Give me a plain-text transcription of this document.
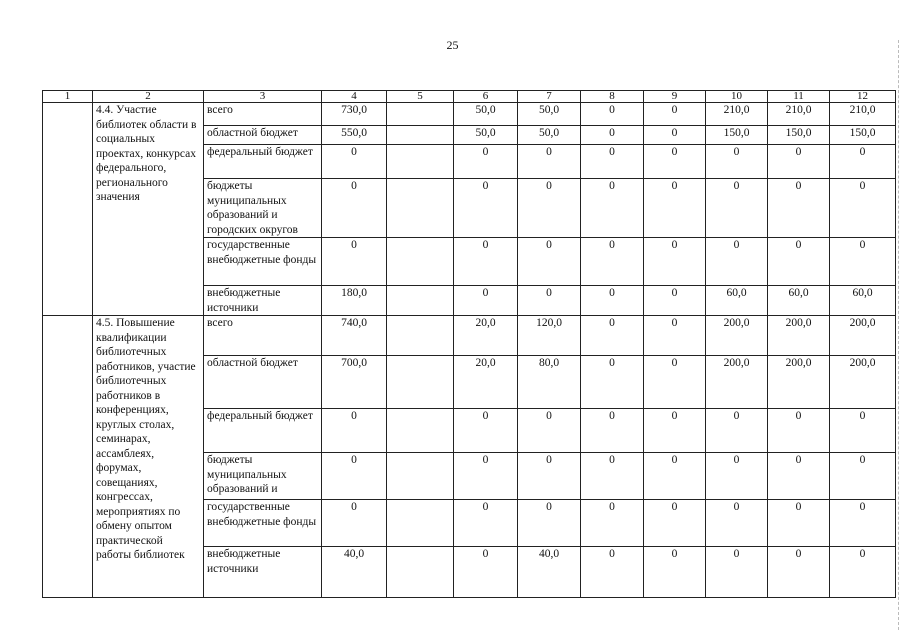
25
1	2	3	4	5	6	7	8	9	10	11	12
	4.4. Участие библиотек области в социальных проектах, конкурсах федерального, регионального значения	всего	730,0		50,0	50,0	0	0	210,0	210,0	210,0
		областной бюджет	550,0		50,0	50,0	0	0	150,0	150,0	150,0
		федеральный бюджет	0		0	0	0	0	0	0	0
		бюджеты муниципальных образований и городских округов	0		0	0	0	0	0	0	0
		государственные внебюджетные фонды	0		0	0	0	0	0	0	0
		внебюджетные источники	180,0		0	0	0	0	60,0	60,0	60,0
	4.5. Повышение квалификации библиотечных работников, участие библиотечных работников в конференциях, круглых столах, семинарах, ассамблеях, форумах, совещаниях, конгрессах, мероприятиях по обмену опытом практической работы библиотек	всего	740,0		20,0	120,0	0	0	200,0	200,0	200,0
		областной бюджет	700,0		20,0	80,0	0	0	200,0	200,0	200,0
		федеральный бюджет	0		0	0	0	0	0	0	0
		бюджеты муниципальных образований и	0		0	0	0	0	0	0	0
		государственные внебюджетные фонды	0		0	0	0	0	0	0	0
		внебюджетные источники	40,0		0	40,0	0	0	0	0	0
